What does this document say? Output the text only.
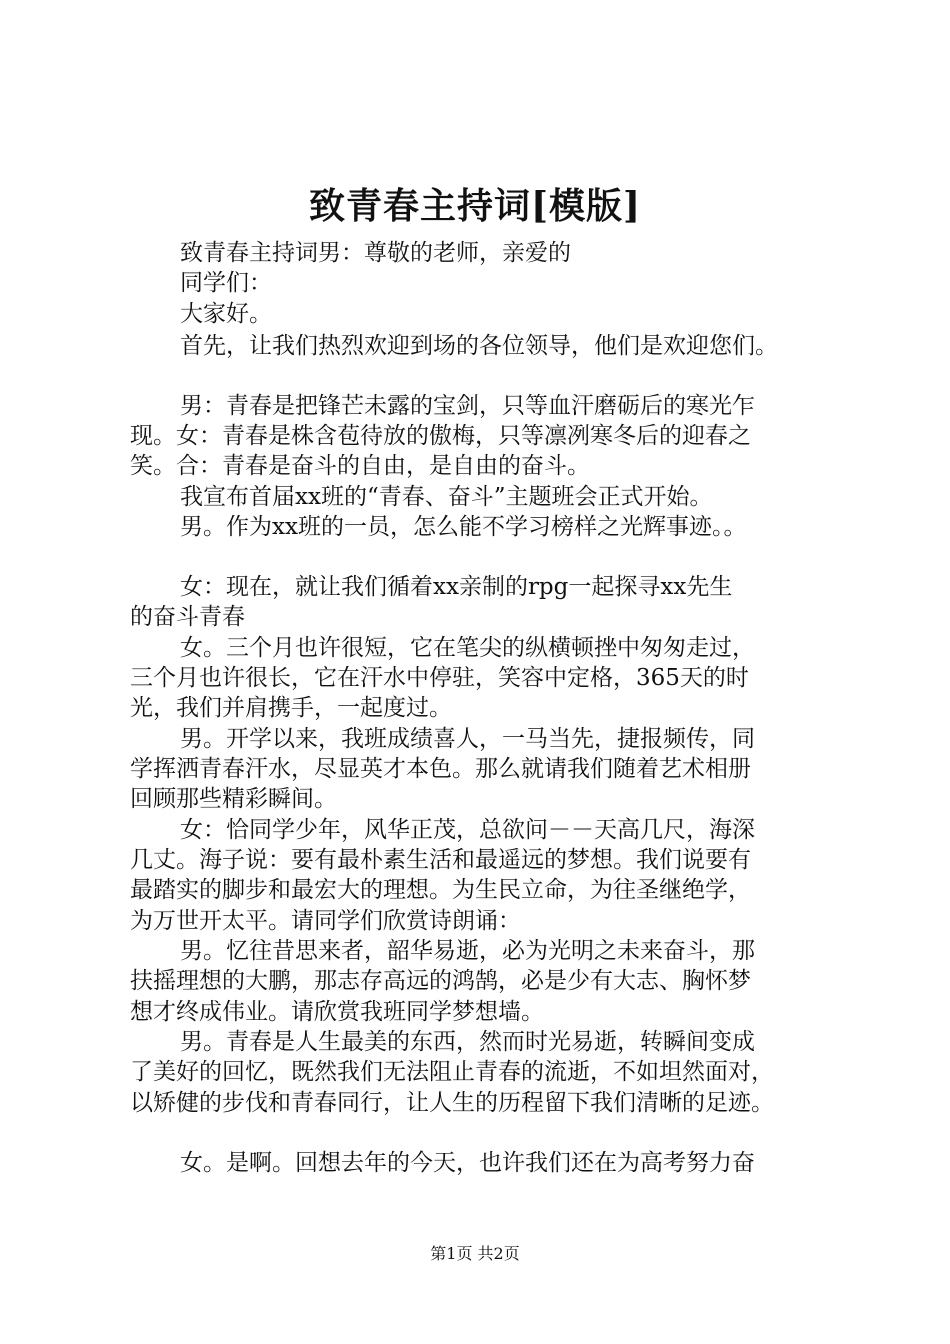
致青春主持词[模版]
致青春主持词男：尊敬的老师，亲爱的
同学们：
大家好。
首先，让我们热烈欢迎到场的各位领导，他们是欢迎您们。
男：青春是把锋芒未露的宝剑，只等血汗磨砺后的寒光乍
现。女：青春是株含苞待放的傲梅，只等凛冽寒冬后的迎春之
笑。合：青春是奋斗的自由，是自由的奋斗。
我宣布首届xx班的“青春、奋斗”主题班会正式开始。
男。作为xx班的一员，怎么能不学习榜样之光辉事迹。。
女：现在，就让我们循着xx亲制的rpg一起探寻xx先生
的奋斗青春
女。三个月也许很短，它在笔尖的纵横顿挫中匆匆走过，
三个月也许很长，它在汗水中停驻，笑容中定格，365天的时
光，我们并肩携手，一起度过。
男。开学以来，我班成绩喜人，一马当先，捷报频传，同
学挥洒青春汗水，尽显英才本色。那么就请我们随着艺术相册
回顾那些精彩瞬间。
女：恰同学少年，风华正茂，总欲问－－天高几尺，海深
几丈。海子说：要有最朴素生活和最遥远的梦想。我们说要有
最踏实的脚步和最宏大的理想。为生民立命，为往圣继绝学，
为万世开太平。请同学们欣赏诗朗诵：
男。忆往昔思来者，韶华易逝，必为光明之未来奋斗，那
扶摇理想的大鹏，那志存高远的鸿鹄，必是少有大志、胸怀梦
想才终成伟业。请欣赏我班同学梦想墙。
男。青春是人生最美的东西，然而时光易逝，转瞬间变成
了美好的回忆，既然我们无法阻止青春的流逝，不如坦然面对，
以矫健的步伐和青春同行，让人生的历程留下我们清晰的足迹。
女。是啊。回想去年的今天，也许我们还在为高考努力奋
第1页 共2页
